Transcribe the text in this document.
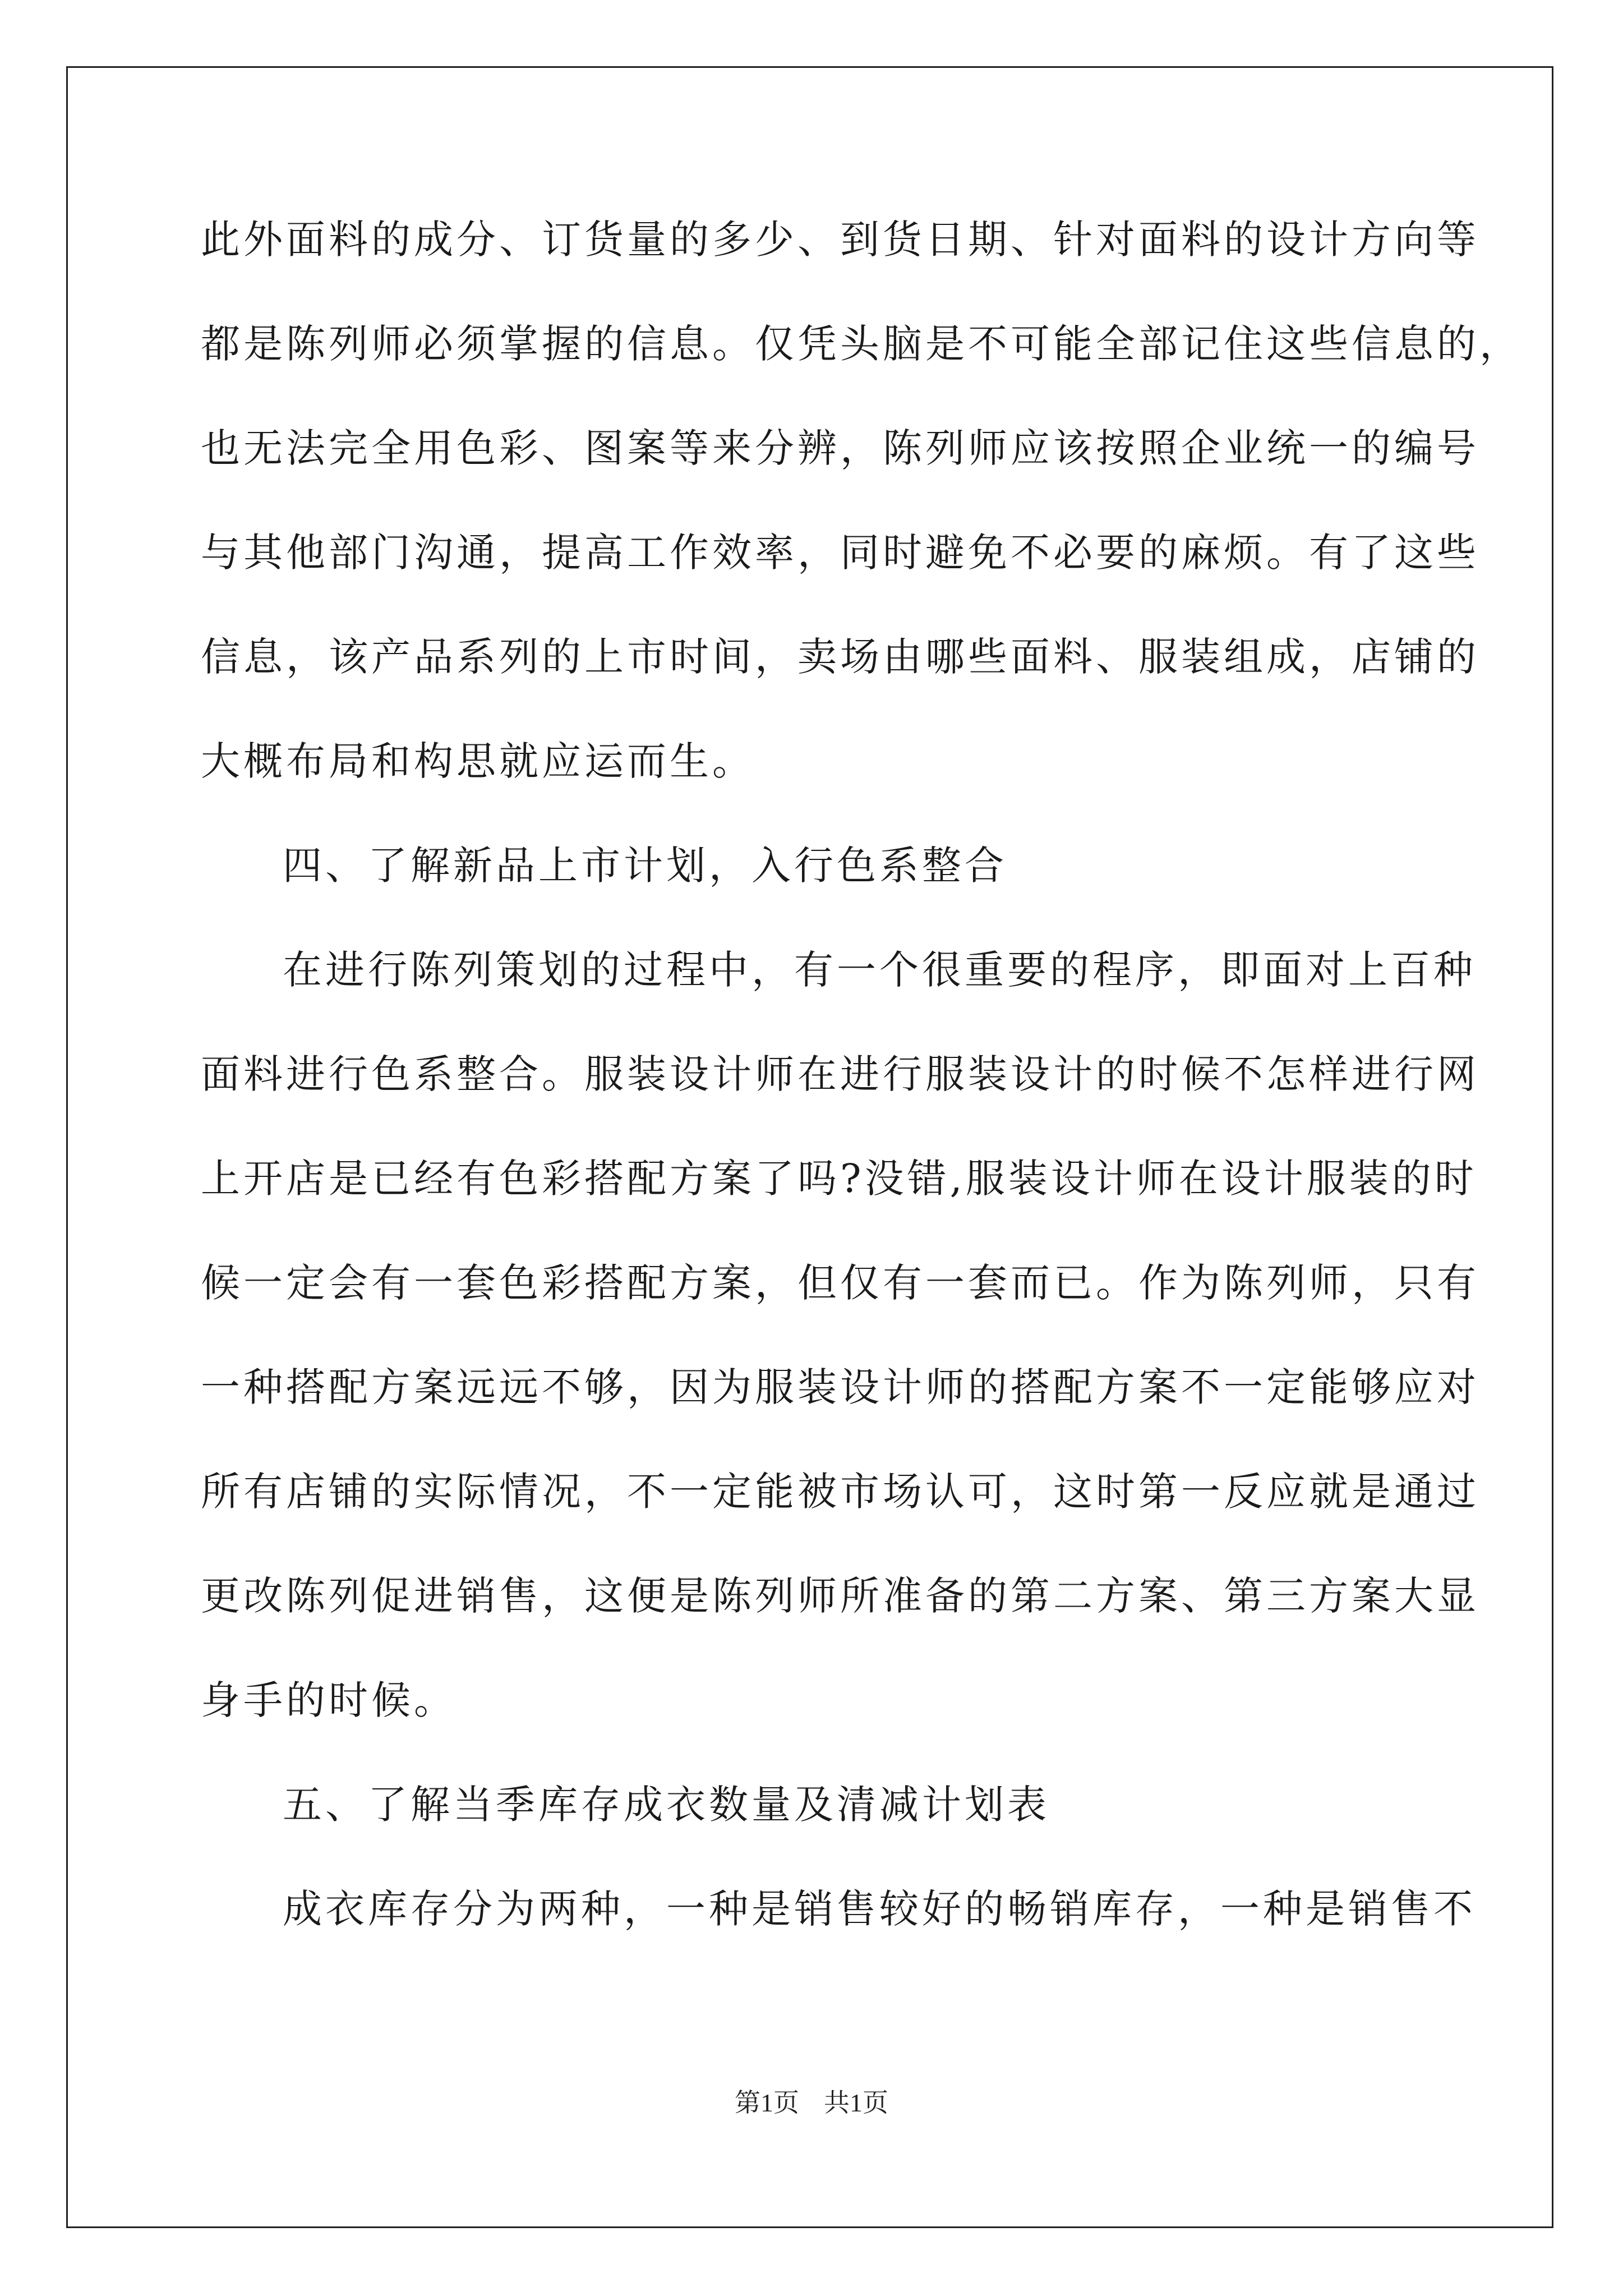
此外面料的成分、订货量的多少、到货日期、针对面料的设计方向等
都是陈列师必须掌握的信息。仅凭头脑是不可能全部记住这些信息的，
也无法完全用色彩、图案等来分辨，陈列师应该按照企业统一的编号
与其他部门沟通，提高工作效率，同时避免不必要的麻烦。有了这些
信息，该产品系列的上市时间，卖场由哪些面料、服装组成，店铺的
大概布局和构思就应运而生。
四、了解新品上市计划，入行色系整合
在进行陈列策划的过程中，有一个很重要的程序，即面对上百种
面料进行色系整合。服装设计师在进行服装设计的时候不怎样进行网
上开店是已经有色彩搭配方案了吗?没错,服装设计师在设计服装的时
候一定会有一套色彩搭配方案，但仅有一套而已。作为陈列师，只有
一种搭配方案远远不够，因为服装设计师的搭配方案不一定能够应对
所有店铺的实际情况，不一定能被市场认可，这时第一反应就是通过
更改陈列促进销售，这便是陈列师所准备的第二方案、第三方案大显
身手的时候。
五、了解当季库存成衣数量及清减计划表
成衣库存分为两种，一种是销售较好的畅销库存，一种是销售不
第1页 共1页
